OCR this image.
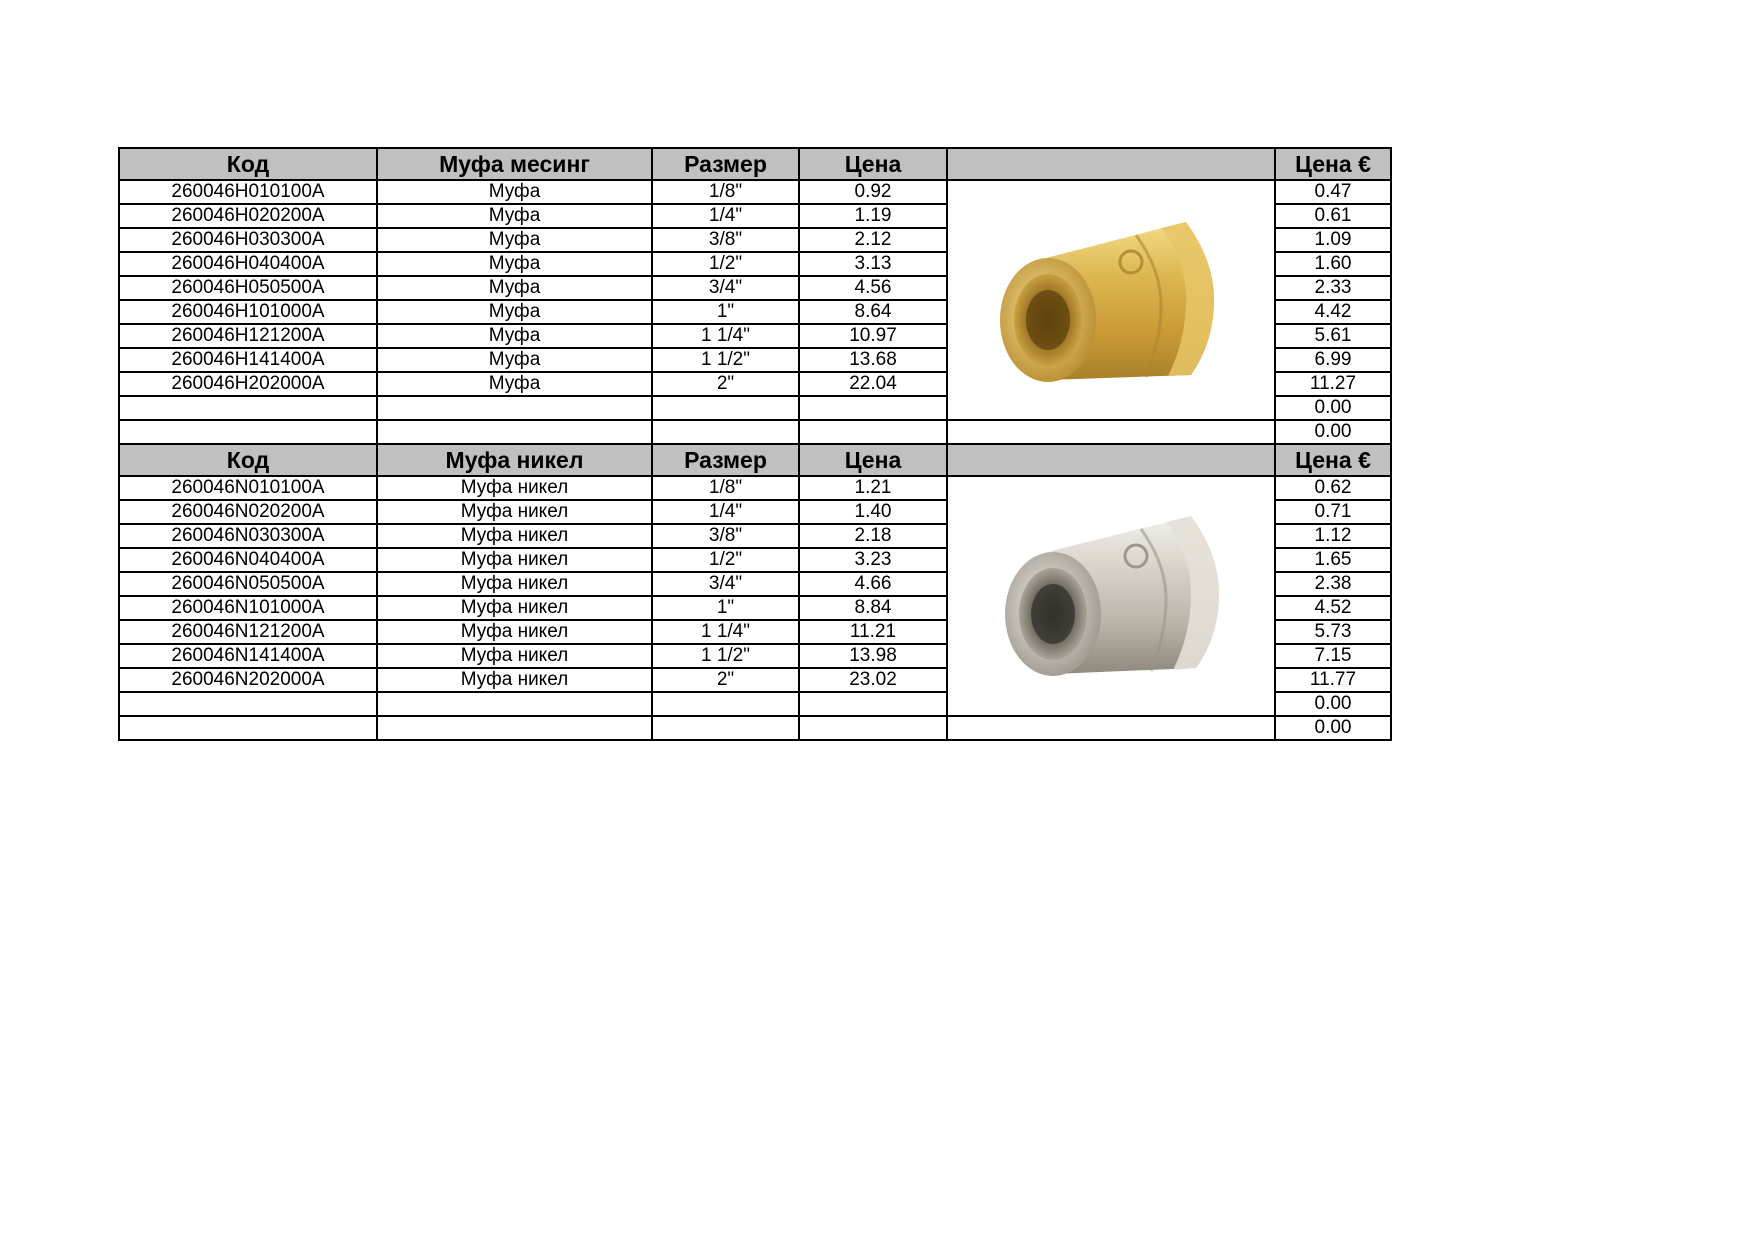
Код	Муфа месинг	Размер	Цена		Цена €
260046H010100A	Муфа	1/8"	0.92		0.47
260046H020200A	Муфа	1/4"	1.19		0.61
260046H030300A	Муфа	3/8"	2.12		1.09
260046H040400A	Муфа	1/2"	3.13		1.60
260046H050500A	Муфа	3/4"	4.56		2.33
260046H101000A	Муфа	1"	8.64		4.42
260046H121200A	Муфа	1 1/4"	10.97		5.61
260046H141400A	Муфа	1 1/2"	13.68		6.99
260046H202000A	Муфа	2"	22.04		11.27
					0.00
					0.00
Код	Муфа никел	Размер	Цена		Цена €
260046N010100A	Муфа никел	1/8"	1.21		0.62
260046N020200A	Муфа никел	1/4"	1.40		0.71
260046N030300A	Муфа никел	3/8"	2.18		1.12
260046N040400A	Муфа никел	1/2"	3.23		1.65
260046N050500A	Муфа никел	3/4"	4.66		2.38
260046N101000A	Муфа никел	1"	8.84		4.52
260046N121200A	Муфа никел	1 1/4"	11.21		5.73
260046N141400A	Муфа никел	1 1/2"	13.98		7.15
260046N202000A	Муфа никел	2"	23.02		11.77
					0.00
					0.00
